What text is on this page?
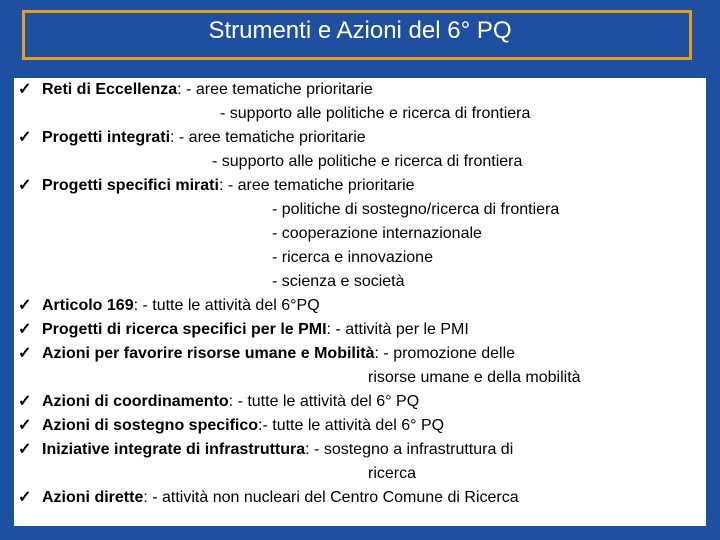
Strumenti e Azioni del 6° PQ
✓ Reti di Eccellenza: - aree tematiche prioritarie
- supporto alle politiche e ricerca di frontiera
✓ Progetti integrati: - aree tematiche prioritarie
- supporto alle politiche e ricerca di frontiera
✓ Progetti specifici mirati: - aree tematiche prioritarie
- politiche di sostegno/ricerca di frontiera
- cooperazione internazionale
- ricerca e innovazione
- scienza e società
✓ Articolo 169: - tutte le attività del 6°PQ
✓ Progetti di ricerca specifici per le PMI: - attività per le PMI
✓ Azioni per favorire risorse umane e Mobilità: - promozione delle
risorse umane e della mobilità
✓ Azioni di coordinamento: - tutte le attività del 6° PQ
✓ Azioni di sostegno specifico:- tutte le attività del 6° PQ
✓ Iniziative integrate di infrastruttura: - sostegno a infrastruttura di
ricerca
✓ Azioni dirette: - attività non nucleari del Centro Comune di Ricerca
